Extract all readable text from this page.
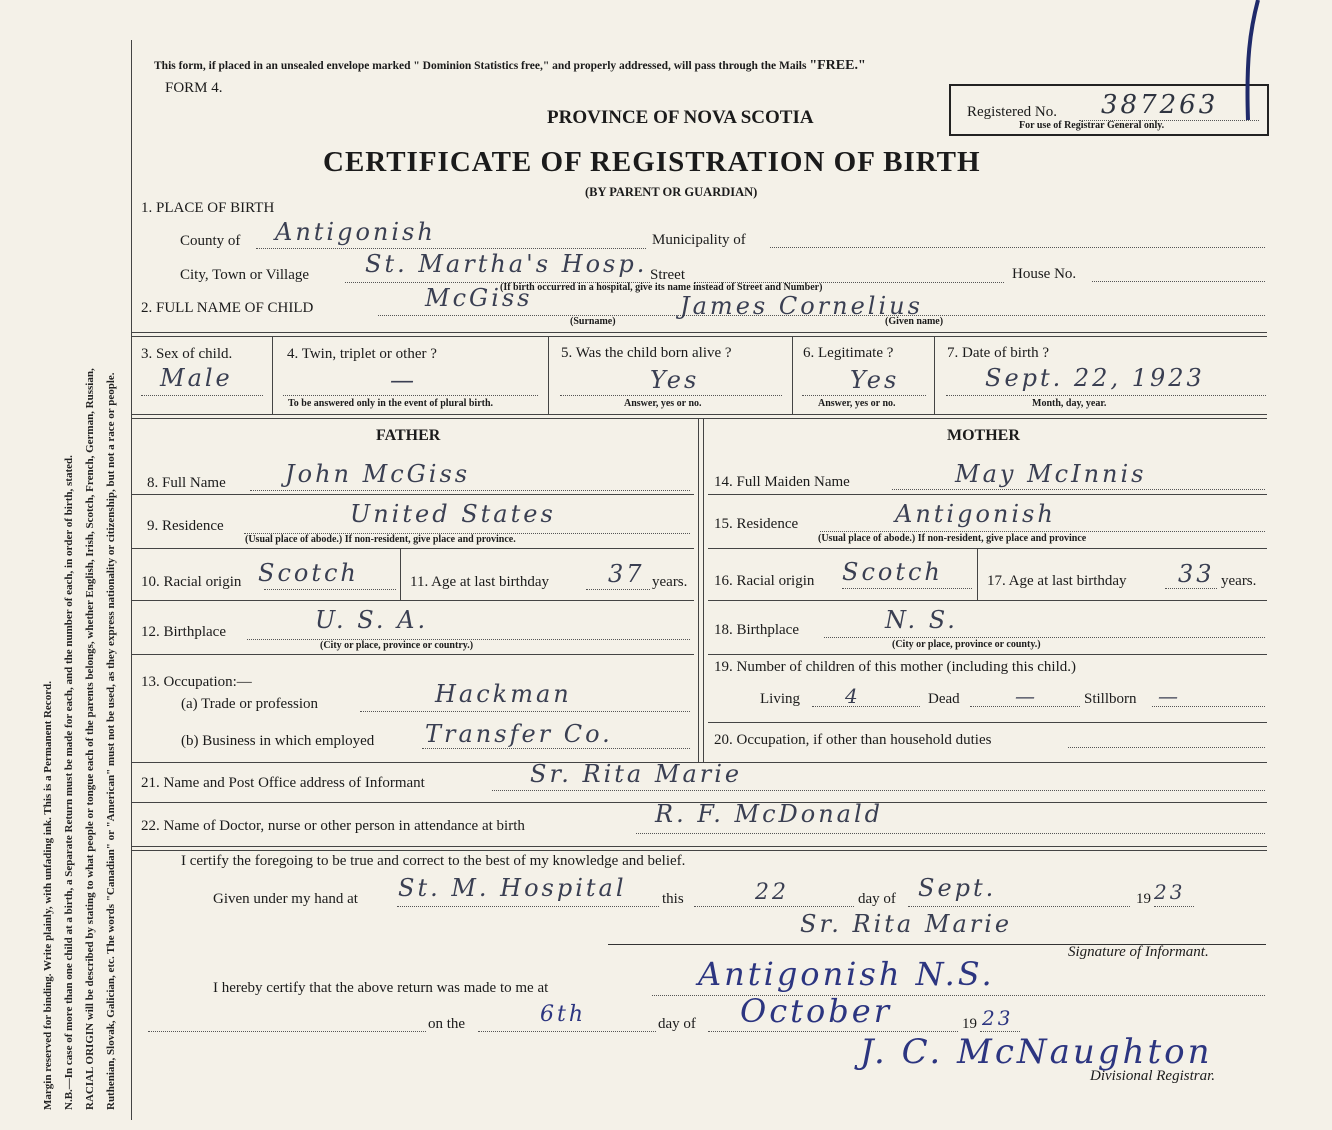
Margin reserved for binding. Write plainly, with unfading ink. This is a Permanent Record. N.B.—In case of more than one child at a birth, a Separate Return must be made for each, and the number of each, in order of birth, stated. RACIAL ORIGIN will be described by stating to what people or tongue each of the parents belongs, whether English, Irish, Scotch, French, German, Russian, Ruthenian, Slovak, Galician, etc. The words "Canadian" or "American" must not be used, as they express nationality or citizenship, but not a race or people.
This form, if placed in an unsealed envelope marked " Dominion Statistics free," and properly addressed, will pass through the Mails "FREE."
FORM 4.
PROVINCE OF NOVA SCOTIA
CERTIFICATE OF REGISTRATION OF BIRTH
(BY PARENT OR GUARDIAN)
Registered No. 387263
For use of Registrar General only.
1. PLACE OF BIRTH
County of Antigonish	Municipality of
City, Town or Village St. Martha's Hosp. Street	House No.
(If birth occurred in a hospital, give its name instead of Street and Number)
2. FULL NAME OF CHILD	McGiss	James Cornelius
(Surname)	(Given name)
3. Sex of child.
Male
4. Twin, triplet or other ?
—
To be answered only in the event of plural birth.
5. Was the child born alive ?
Yes
Answer, yes or no.
6. Legitimate ?
Yes
Answer, yes or no.
7. Date of birth ?
Sept. 22, 1923
Month, day, year.
FATHER	MOTHER
8. Full Name John McGiss	14. Full Maiden Name	May McInnis
9. Residence	United States
(Usual place of abode.) If non-resident, give place and province.
15. Residence	Antigonish
(Usual place of abode.) If non-resident, give place and province
10. Racial origin Scotch	11. Age at last birthday 37 years. 16. Racial origin Scotch	17. Age at last birthday 33 years.
12. Birthplace	U. S. A.
(City or place, province or country.)
18. Birthplace	N. S.
(City or place, province or county.)
13. Occupation:—
(a) Trade or profession	Hackman
19. Number of children of this mother (including this child.)
Living 4	Dead	—	Stillborn —
(b) Business in which employed Transfer Co.	20. Occupation, if other than household duties
21. Name and Post Office address of Informant	Sr. Rita Marie
22. Name of Doctor, nurse or other person in attendance at birth	R. F. McDonald
I certify the foregoing to be true and correct to the best of my knowledge and belief.
Given under my hand at St. M. Hospital this	22	day of Sept.	19 23
Sr. Rita Marie
Signature of Informant.
I hereby certify that the above return was made to me at	Antigonish N.S.
on the	6th	day of October	19 23
J. C. McNaughton
Divisional Registrar.
